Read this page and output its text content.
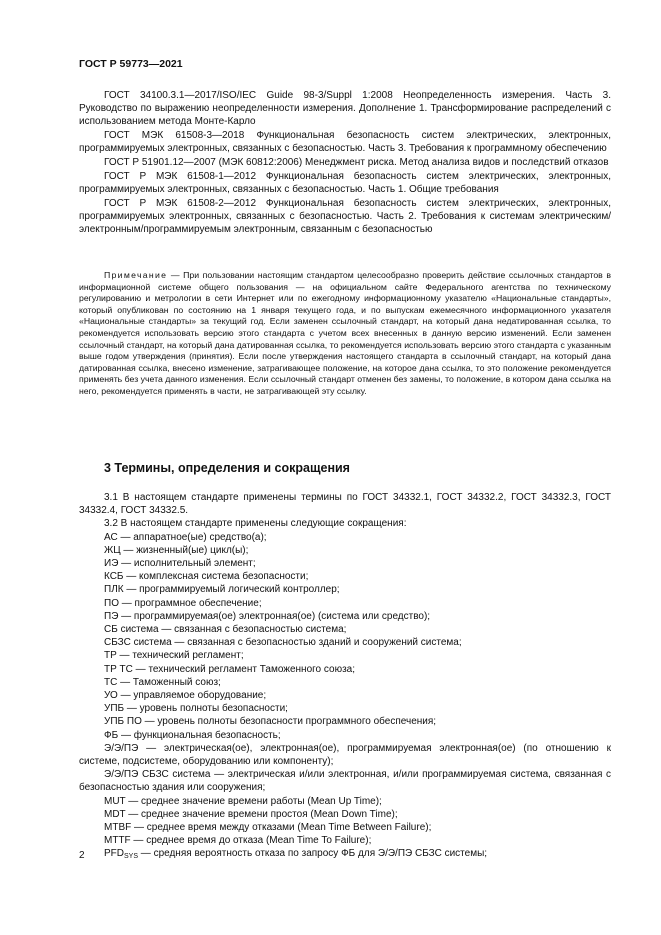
ГОСТ Р 59773—2021

ГОСТ 34100.3.1—2017/ISO/IEC Guide 98-3/Suppl 1:2008 Неопределенность измерения. Часть 3. Руководство по выражению неопределенности измерения. Дополнение 1. Трансформирование распределений с использованием метода Монте-Карло

ГОСТ МЭК 61508-3—2018 Функциональная безопасность систем электрических, электронных, программируемых электронных, связанных с безопасностью. Часть 3. Требования к программному обеспечению

ГОСТ Р 51901.12—2007 (МЭК 60812:2006) Менеджмент риска. Метод анализа видов и последствий отказов

ГОСТ Р МЭК 61508-1—2012 Функциональная безопасность систем электрических, электронных, программируемых электронных, связанных с безопасностью. Часть 1. Общие требования

ГОСТ Р МЭК 61508-2—2012 Функциональная безопасность систем электрических, электронных, программируемых электронных, связанных с безопасностью. Часть 2. Требования к системам электрическим/электронным/программируемым электронным, связанным с безопасностью

Примечание — При пользовании настоящим стандартом целесообразно проверить действие ссылочных стандартов в информационной системе общего пользования — на официальном сайте Федерального агентства по техническому регулированию и метрологии в сети Интернет или по ежегодному информационному указателю «Национальные стандарты», который опубликован по состоянию на 1 января текущего года, и по выпускам ежемесячного информационного указателя «Национальные стандарты» за текущий год. Если заменен ссылочный стандарт, на который дана недатированная ссылка, то рекомендуется использовать версию этого стандарта с учетом всех внесенных в данную версию изменений. Если заменен ссылочный стандарт, на который дана датированная ссылка, то рекомендуется использовать версию этого стандарта с указанным выше годом утверждения (принятия). Если после утверждения настоящего стандарта в ссылочный стандарт, на который дана датированная ссылка, внесено изменение, затрагивающее положение, на которое дана ссылка, то это положение рекомендуется применять без учета данного изменения. Если ссылочный стандарт отменен без замены, то положение, в котором дана ссылка на него, рекомендуется применять в части, не затрагивающей эту ссылку.
3 Термины, определения и сокращения

3.1 В настоящем стандарте применены термины по ГОСТ 34332.1, ГОСТ 34332.2, ГОСТ 34332.3, ГОСТ 34332.4, ГОСТ 34332.5.

3.2 В настоящем стандарте применены следующие сокращения:

АС — аппаратное(ые) средство(а);

ЖЦ — жизненный(ые) цикл(ы);

ИЭ — исполнительный элемент;

КСБ — комплексная система безопасности;

ПЛК — программируемый логический контроллер;

ПО — программное обеспечение;

ПЭ — программируемая(ое) электронная(ое) (система или средство);

СБ система — связанная с безопасностью система;

СБЗС система — связанная с безопасностью зданий и сооружений система;

ТР — технический регламент;

ТР ТС — технический регламент Таможенного союза;

ТС — Таможенный союз;

УО — управляемое оборудование;

УПБ — уровень полноты безопасности;

УПБ ПО — уровень полноты безопасности программного обеспечения;

ФБ — функциональная безопасность;

Э/Э/ПЭ — электрическая(ое), электронная(ое), программируемая электронная(ое) (по отношению к системе, подсистеме, оборудованию или компоненту);

Э/Э/ПЭ СБЗС система — электрическая и/или электронная, и/или программируемая система, связанная с безопасностью здания или сооружения;

MUT — среднее значение времени работы (Mean Up Time);

MDT — среднее значение времени простоя (Mean Down Time);

MTBF — среднее время между отказами (Mean Time Between Failure);

MTTF — среднее время до отказа (Mean Time To Failure);

$PFD_{SYS}$ — средняя вероятность отказа по запросу ФБ для Э/Э/ПЭ СБЗС системы;

2
